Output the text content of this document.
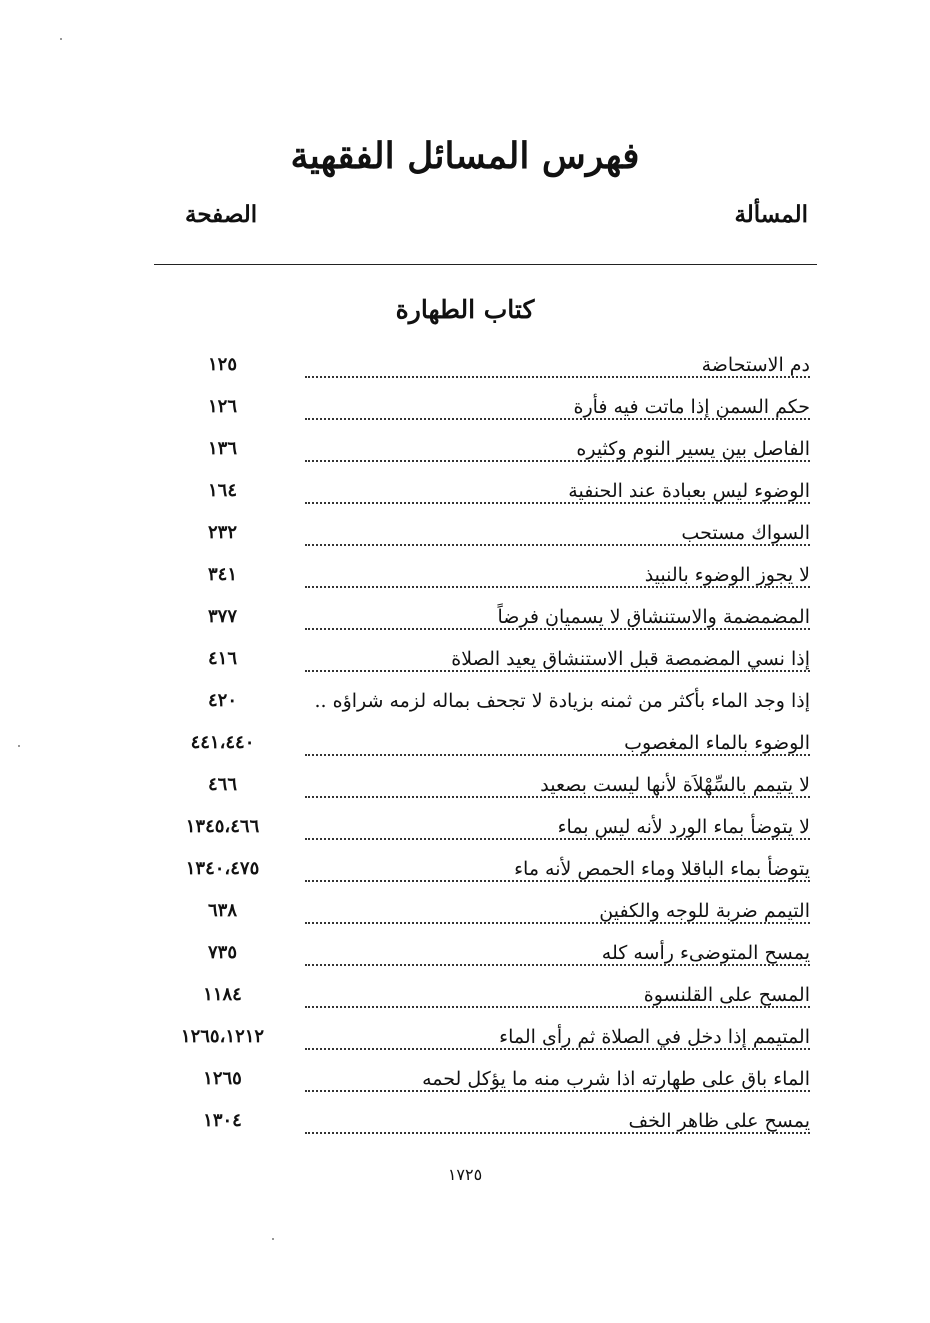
فهرس المسائل الفقهية
المسألة
الصفحة
كتاب الطهارة
دم الاستحاضة
١٢٥
حكم السمن إذا ماتت فيه فأرة
١٢٦
الفاصل بين يسير النوم وكثيره
١٣٦
الوضوء ليس بعبادة عند الحنفية
١٦٤
السواك مستحب
٢٣٢
لا يجوز الوضوء بالنبيذ
٣٤١
المضمضمة والاستنشاق لا يسميان فرضاً
٣٧٧
إذا نسي المضمصة قبل الاستنشاق يعيد الصلاة
٤١٦
إذا وجد الماء بأكثر من ثمنه بزيادة لا تجحف بماله لزمه شراؤه ..
٤٢٠
الوضوء بالماء المغصوب
٤٤١،٤٤٠
لا يتيمم بالسِّهْلاَة لأنها ليست بصعيد
٤٦٦
لا يتوضأ بماء الورد لأنه ليس بماء
١٣٤٥،٤٦٦
يتوضأ بماء الباقلا وماء الحمص لأنه ماء
١٣٤٠،٤٧٥
التيمم ضربة للوجه والكفين
٦٣٨
يمسح المتوضىء رأسه كله
٧٣٥
المسح على القلنسوة
١١٨٤
المتيمم إذا دخل في الصلاة ثم رأى الماء
١٢٦٥،١٢١٢
الماء باق على طهارته اذا شرب منه ما يؤكل لحمه
١٢٦٥
يمسح على ظاهر الخف
١٣٠٤
١٧٢٥
